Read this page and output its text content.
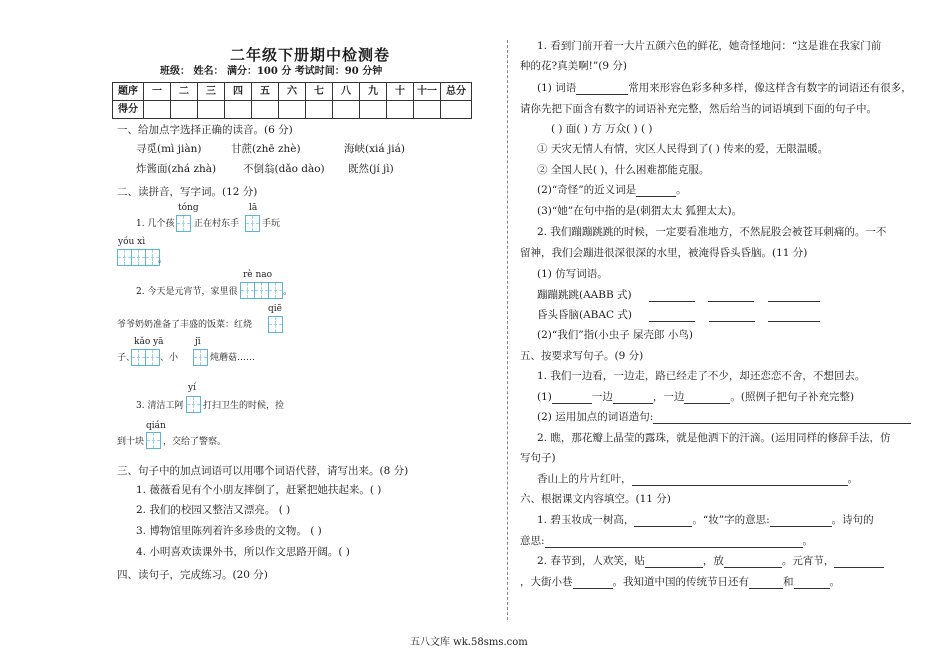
二年级下册期中检测卷
班级： 姓名： 满分：100 分 考试时间：90 分钟
题序	一	二	三	四	五	六	七	八	九	十	十一	总分
得分												
一、给加点字选择正确的读音。(6 分)
寻觅(mì jiàn)	甘蔗(zhē zhè)	海峡(xiá jiá)
炸酱面(zhá zhà)	不倒翁(dǎo dào) 既然(jí jì)
二、读拼音，写字词。(12 分)
tóng	lā
1. 几个孩 正在村东手	手玩
yóu xì
。
rè nao
2. 今天是元宵节，家里很	。
qiē
爷爷奶奶准备了丰盛的饭菜：红烧
kǎo yā	jī
子、	、小	炖蘑菇……
yí
3. 清洁工阿 打扫卫生的时候，捡
qián
到十块 ，交给了警察。
三、句子中的加点词语可以用哪个词语代替，请写出来。(8 分)
1. 薇薇看见有个小朋友摔倒了，赶紧把她扶起来。( )
2. 我们的校园又整洁又漂亮。 ( )
3. 博物馆里陈列着许多珍贵的文物。 ( )
4. 小明喜欢读课外书，所以作文思路开阔。( )
四、读句子，完成练习。(20 分)
1. 看到门前开着一大片五颜六色的鲜花，她奇怪地问：“这是谁在我家门前
种的花?真美啊!”(9 分)
(1) 词语	常用来形容色彩多种多样，像这样含有数字的词语还有很多，
请你先把下面含有数字的词语补充完整，然后给当的词语填到下面的句子中。
( ) 面( ) 方 万众( ) ( )
① 天灾无情人有情，灾区人民得到了( ) 传来的爱，无限温暖。
② 全国人民( )，什么困难都能克服。
(2)“奇怪”的近义词是	。
(3)“她”在句中指的是(刺猬太太 狐狸太太)。
2. 我们蹦蹦跳跳的时候，一定要看准地方，不然屁股会被苍耳刺痛的。一不
留神，我们会蹦进很深很深的水里，被淹得昏头昏脑。(11 分)
(1) 仿写词语。
蹦蹦跳跳(AABB 式)
昏头昏脑(ABAC 式)
(2)“我们”指(小虫子 屎壳郎 小鸟)
五、按要求写句子。(9 分)
1. 我们一边看，一边走，路已经走了不少，却还恋恋不舍，不想回去。
(1)	一边	，一边	。(照例子把句子补充完整)
(2) 运用加点的词语造句:
2. 瞧，那花瓣上晶莹的露珠，就是他洒下的汗滴。(运用同样的修辞手法，仿
写句子)
香山上的片片红叶，	。
六、根据课文内容填空。(11 分)
1. 碧玉妆成一树高，	。“妆”字的意思:	。诗句的
意思:	。
2. 春节到，人欢笑，贴	，放	。元宵节，
，大街小巷	。我知道中国的传统节日还有	和	。
五八文库 wk.58sms.com
